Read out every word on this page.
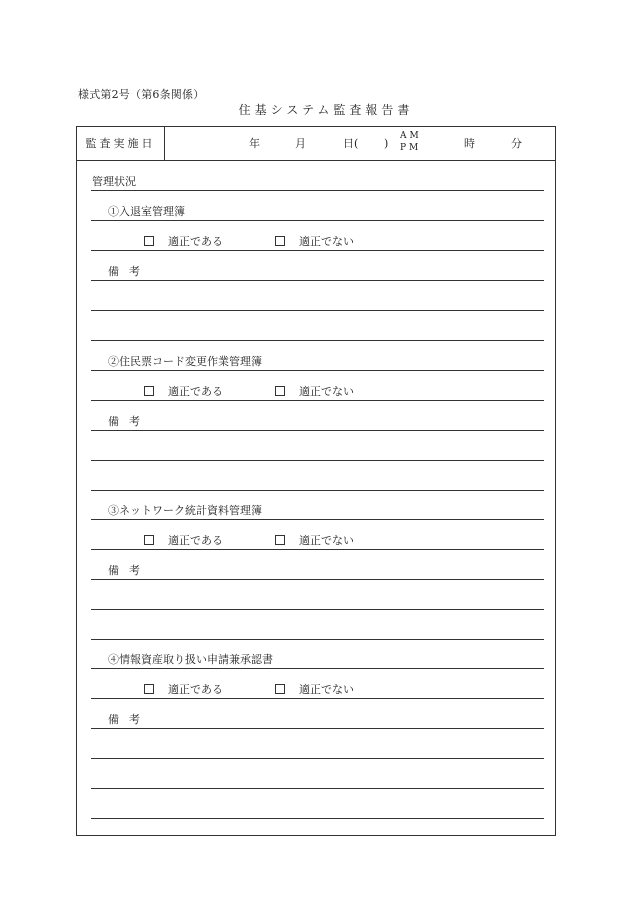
様式第2号（第6条関係）
住基システム監査報告書
監査実施日	年	月	日( )
AM
PM	時	分
管理状況
①入退室管理簿
適正である	適正でない
備考
②住民票コード変更作業管理簿
適正である	適正でない
備考
③ネットワーク統計資料管理簿
適正である	適正でない
備考
④情報資産取り扱い申請兼承認書
適正である	適正でない
備考
